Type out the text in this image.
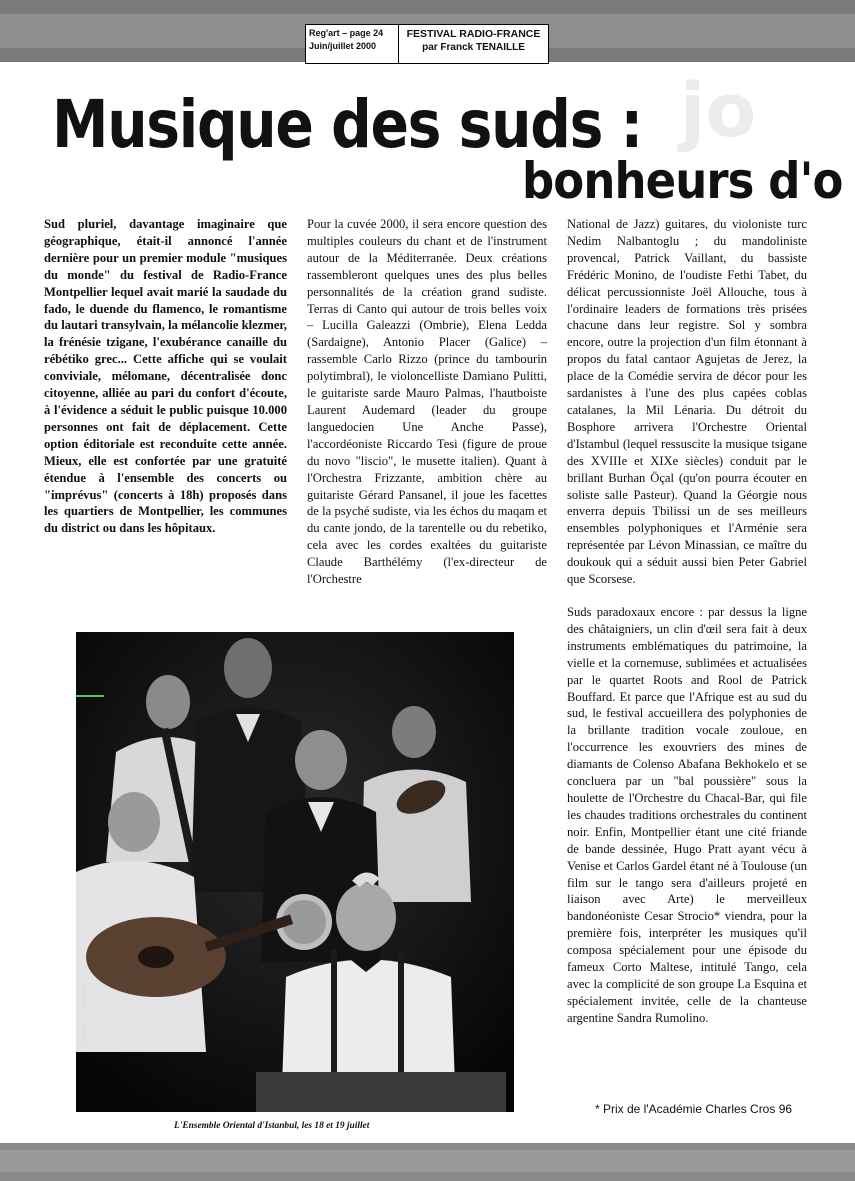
Reg'art – page 24
Juin/juillet 2000
FESTIVAL RADIO-FRANCE
par Franck TENAILLE
jo
Musique des suds :
bonheurs d'o

Sud pluriel, davantage imaginaire que géographique, était-il annoncé l'année dernière pour un premier module "musiques du monde" du festival de Radio-France Montpellier lequel avait marié la saudade du fado, le duende du flamenco, le romantisme du lautari transylvain, la mélancolie klezmer, la frénésie tzigane, l'exubérance canaille du rébétiko grec... Cette affiche qui se voulait conviviale, mélomane, décentralisée donc citoyenne, alliée au pari du confort d'écoute, à l'évidence a séduit le public puisque 10.000 personnes ont fait de déplacement. Cette option éditoriale est reconduite cette année. Mieux, elle est confortée par une gratuité étendue à l'ensemble des concerts ou "imprévus" (concerts à 18h) proposés dans les quartiers de Montpellier, les communes du district ou dans les hôpitaux.

Pour la cuvée 2000, il sera encore question des multiples couleurs du chant et de l'instrument autour de la Méditerranée. Deux créations rassembleront quelques unes des plus belles personnalités de la création grand sudiste. Terras di Canto qui autour de trois belles voix – Lucilla Galeazzi (Ombrie), Elena Ledda (Sardaigne), Antonio Placer (Galice) – rassemble Carlo Rizzo (prince du tambourin polytimbral), le violoncelliste Damiano Pulitti, le guitariste sarde Mauro Palmas, l'hautboiste Laurent Audemard (leader du groupe languedocien Une Anche Passe), l'accordéoniste Riccardo Tesi (figure de proue du novo "liscio", le musette italien). Quant à l'Orchestra Frizzante, ambition chère au guitariste Gérard Pansanel, il joue les facettes de la psyché sudiste, via les échos du maqam et du cante jondo, de la tarentelle ou du rebetiko, cela avec les cordes exaltées du guitariste Claude Barthélémy (l'ex-directeur de l'Orchestre

National de Jazz) guitares, du violoniste turc Nedim Nalbantoglu ; du mandoliniste provencal, Patrick Vaillant, du bassiste Frédéric Monino, de l'oudiste Fethi Tabet, du délicat percussionniste Joël Allouche, tous à l'ordinaire leaders de formations très prisées chacune dans leur registre. Sol y sombra encore, outre la projection d'un film étonnant à propos du fatal cantaor Agujetas de Jerez, la place de la Comédie servira de décor pour les sardanistes à l'une des plus capées coblas catalanes, la Mil Lénaria. Du détroit du Bosphore arrivera l'Orchestre Oriental d'Istambul (lequel ressuscite la musique tsigane des XVIIIe et XIXe siècles) conduit par le brillant Burhan Öçal (qu'on pourra écouter en soliste salle Pasteur). Quand la Géorgie nous enverra depuis Tbilissi un de ses meilleurs ensembles polyphoniques et l'Arménie sera représentée par Lévon Minassian, ce maître du doukouk qui a séduit aussi bien Peter Gabriel que Scorsese.

Suds paradoxaux encore : par dessus la ligne des châtaigniers, un clin d'œil sera fait à deux instruments emblématiques du patrimoine, la vielle et la cornemuse, sublimées et actualisées par le quartet Roots and Rool de Patrick Bouffard. Et parce que l'Afrique est au sud du sud, le festival accueillera des polyphonies de la brillante tradition vocale zouloue, en l'occurrence les exouvriers des mines de diamants de Colenso Abafana Bekhokelo et se concluera par un "bal poussière" sous la houlette de l'Orchestre du Chacal-Bar, qui file les chaudes traditions orchestrales du continent noir. Enfin, Montpellier étant une cité friande de bande dessinée, Hugo Pratt ayant vécu à Venise et Carlos Gardel étant né à Toulouse (un film sur le tango sera d'ailleurs projeté en liaison avec Arte) le merveilleux bandonéoniste Cesar Strocio* viendra, pour la première fois, interpréter les musiques qu'il composa spécialement pour une épisode du fameux Corto Maltese, intitulé Tango, cela avec la complicité de son groupe La Esquina et spécialement invitée, celle de la chanteuse argentine Sandra Rumolino.

Photo : K. Weddig
L'Ensemble Oriental d'Istanbul, les 18 et 19 juillet
* Prix de l'Académie Charles Cros 96
